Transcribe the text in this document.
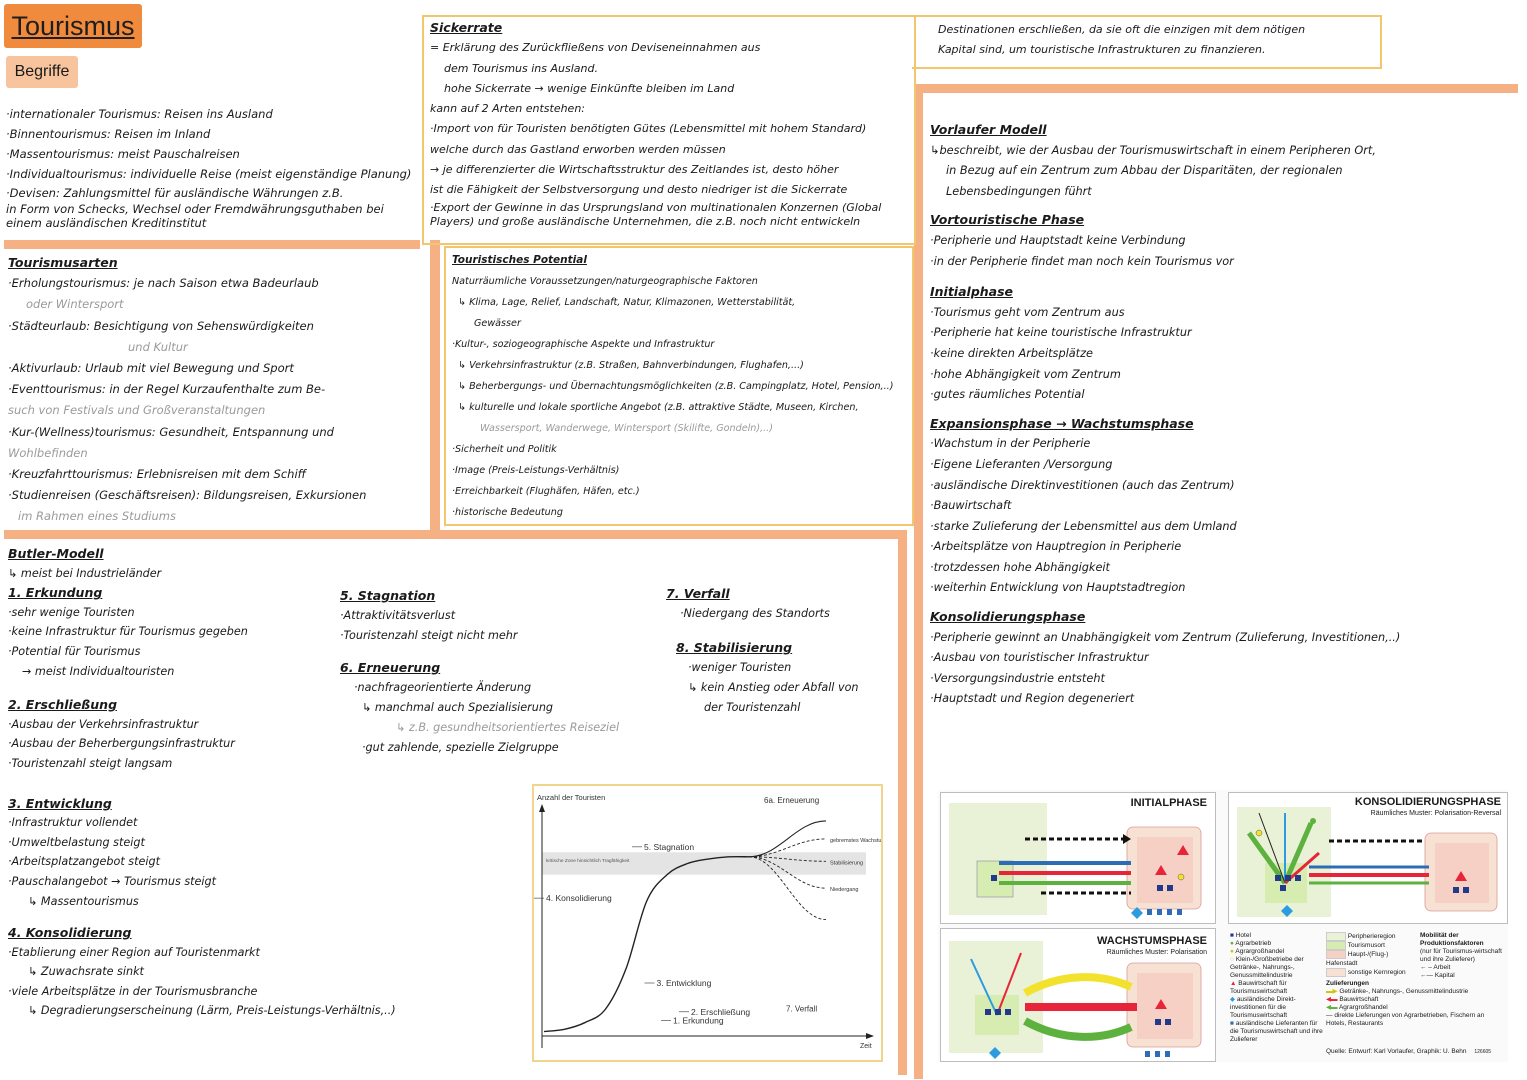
Tourismus
Begriffe
·internationaler Tourismus: Reisen ins Ausland
·Binnentourismus: Reisen im Inland
·Massentourismus: meist Pauschalreisen
·Individualtourismus: individuelle Reise (meist eigenständige Planung)
·Devisen: Zahlungsmittel für ausländische Währungen z.B.
in Form von Schecks, Wechsel oder Fremdwährungsguthaben bei
einem ausländischen Kreditinstitut
Sickerrate
= Erklärung des Zurückfließens von Deviseneinnahmen aus
dem Tourismus ins Ausland.
hohe Sickerrate → wenige Einkünfte bleiben im Land
kann auf 2 Arten entstehen:
·Import von für Touristen benötigten Gütes (Lebensmittel mit hohem Standard)
welche durch das Gastland erworben werden müssen
→ je differenzierter die Wirtschaftsstruktur des Zeitlandes ist, desto höher
ist die Fähigkeit der Selbstversorgung und desto niedriger ist die Sickerrate
·Export der Gewinne in das Ursprungsland von multinationalen Konzernen (Global
Players) und große ausländische Unternehmen, die z.B. noch nicht entwickeln
Destinationen erschließen, da sie oft die einzigen mit dem nötigen
Kapital sind, um touristische Infrastrukturen zu finanzieren.
Tourismusarten
·Erholungstourismus: je nach Saison etwa Badeurlaub
oder Wintersport
·Städteurlaub: Besichtigung von Sehenswürdigkeiten
und Kultur
·Aktivurlaub: Urlaub mit viel Bewegung und Sport
·Eventtourismus: in der Regel Kurzaufenthalte zum Be-
such von Festivals und Großveranstaltungen
·Kur-(Wellness)tourismus: Gesundheit, Entspannung und
Wohlbefinden
·Kreuzfahrttourismus: Erlebnisreisen mit dem Schiff
·Studienreisen (Geschäftsreisen): Bildungsreisen, Exkursionen
im Rahmen eines Studiums
Touristisches Potential
Naturräumliche Voraussetzungen/naturgeographische Faktoren
↳ Klima, Lage, Relief, Landschaft, Natur, Klimazonen, Wetterstabilität,
Gewässer
·Kultur-, soziogeographische Aspekte und Infrastruktur
↳ Verkehrsinfrastruktur (z.B. Straßen, Bahnverbindungen, Flughafen,...)
↳ Beherbergungs- und Übernachtungsmöglichkeiten (z.B. Campingplatz, Hotel, Pension,..)
↳ kulturelle und lokale sportliche Angebot (z.B. attraktive Städte, Museen, Kirchen,
Wassersport, Wanderwege, Wintersport (Skilifte, Gondeln),..)
·Sicherheit und Politik
·Image (Preis-Leistungs-Verhältnis)
·Erreichbarkeit (Flughäfen, Häfen, etc.)
·historische Bedeutung
Vorlaufer Modell
↳beschreibt, wie der Ausbau der Tourismuswirtschaft in einem Peripheren Ort,
in Bezug auf ein Zentrum zum Abbau der Disparitäten, der regionalen
Lebensbedingungen führt
Vortouristische Phase
·Peripherie und Hauptstadt keine Verbindung
·in der Peripherie findet man noch kein Tourismus vor
Initialphase
·Tourismus geht vom Zentrum aus
·Peripherie hat keine touristische Infrastruktur
·keine direkten Arbeitsplätze
·hohe Abhängigkeit vom Zentrum
·gutes räumliches Potential
Expansionsphase → Wachstumsphase
·Wachstum in der Peripherie
·Eigene Lieferanten /Versorgung
·ausländische Direktinvestitionen (auch das Zentrum)
·Bauwirtschaft
·starke Zulieferung der Lebensmittel aus dem Umland
·Arbeitsplätze von Hauptregion in Peripherie
·trotzdessen hohe Abhängigkeit
·weiterhin Entwicklung von Hauptstadtregion
Konsolidierungsphase
·Peripherie gewinnt an Unabhängigkeit vom Zentrum (Zulieferung, Investitionen,..)
·Ausbau von touristischer Infrastruktur
·Versorgungsindustrie entsteht
·Hauptstadt und Region degeneriert
Butler-Modell
↳ meist bei Industrieländer
1. Erkundung
·sehr wenige Touristen
·keine Infrastruktur für Tourismus gegeben
·Potential für Tourismus
→ meist Individualtouristen
2. Erschließung
·Ausbau der Verkehrsinfrastruktur
·Ausbau der Beherbergungsinfrastruktur
·Touristenzahl steigt langsam
3. Entwicklung
·Infrastruktur vollendet
·Umweltbelastung steigt
·Arbeitsplatzangebot steigt
·Pauschalangebot → Tourismus steigt
↳ Massentourismus
4. Konsolidierung
·Etablierung einer Region auf Touristenmarkt
↳ Zuwachsrate sinkt
·viele Arbeitsplätze in der Tourismusbranche
↳ Degradierungserscheinung (Lärm, Preis-Leistungs-Verhältnis,..)
5. Stagnation
·Attraktivitätsverlust
·Touristenzahl steigt nicht mehr
6. Erneuerung
·nachfrageorientierte Änderung
↳ manchmal auch Spezialisierung
↳ z.B. gesundheitsorientiertes Reiseziel
·gut zahlende, spezielle Zielgruppe
7. Verfall
·Niedergang des Standorts
8. Stabilisierung
·weniger Touristen
↳ kein Anstieg oder Abfall von
der Touristenzahl
kritische Zone hinsichtlich Tragfähigkeit
Anzahl der Touristen
Zeit
6a. Erneuerung
gebremstes Wachstum
Stabilisierung
Niedergang
7. Verfall
1. Erkundung
2. Erschließung
3. Entwicklung
4. Konsolidierung
5. Stagnation
INITIALPHASE	KONSOLIDIERUNGSPHASE
Räumliches Muster: Polarisation-Reversal
WACHSTUMSPHASE
Räumliches Muster: Polarisation
■ Hotel
● Agrarbetrieb
● Agrargroßhandel
○ Klein-/Großbetriebe der Getränke-, Nahrungs-, Genussmittelindustrie
▲ Bauwirtschaft für Tourismuswirtschaft
◆ ausländische Direkt-investitionen für die Tourismuswirtschaft
■ ausländische Lieferanten für die Tourismuswirtschaft und ihre Zulieferer
Peripherieregion
Tourismusort
Haupt-/(Flug-) Hafenstadt
sonstige Kernregion
Mobilität der Produktionsfaktoren
(nur für Tourismus-wirtschaft und ihre Zulieferer)
← – Arbeit
←— Kapital
Zulieferungen
▬▶ Getränke-, Nahrungs-, Genussmittelindustrie
◀▬ Bauwirtschaft
◀▬ Agrargroßhandel
— direkte Lieferungen von Agrarbetrieben, Fischern an Hotels, Restaurants
Quelle: Entwurf: Karl Vorlaufer, Graphik: U. Behn 126605
